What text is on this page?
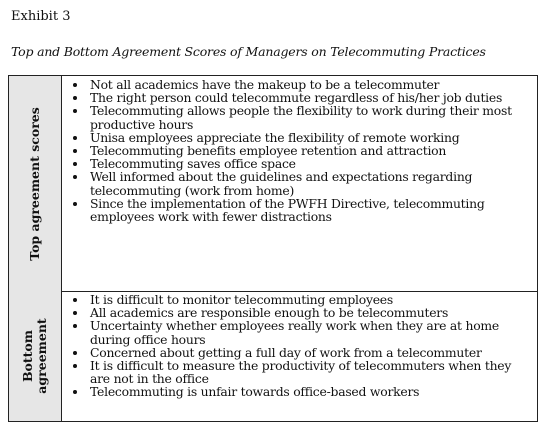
Exhibit 3
Top and Bottom Agreement Scores of Managers on Telecommuting Practices
Top agreement scores
• Not all academics have the makeup to be a telecommuter
• The right person could telecommute regardless of his/her job duties
• Telecommuting allows people the flexibility to work during their most productive hours
• Unisa employees appreciate the flexibility of remote working
• Telecommuting benefits employee retention and attraction
• Telecommuting saves office space
• Well informed about the guidelines and expectations regarding telecommuting (work from home)
• Since the implementation of the PWFH Directive, telecommuting employees work with fewer distractions
Bottom agreement
• It is difficult to monitor telecommuting employees
• All academics are responsible enough to be telecommuters
• Uncertainty whether employees really work when they are at home during office hours
• Concerned about getting a full day of work from a telecommuter
• It is difficult to measure the productivity of telecommuters when they are not in the office
• Telecommuting is unfair towards office-based workers
